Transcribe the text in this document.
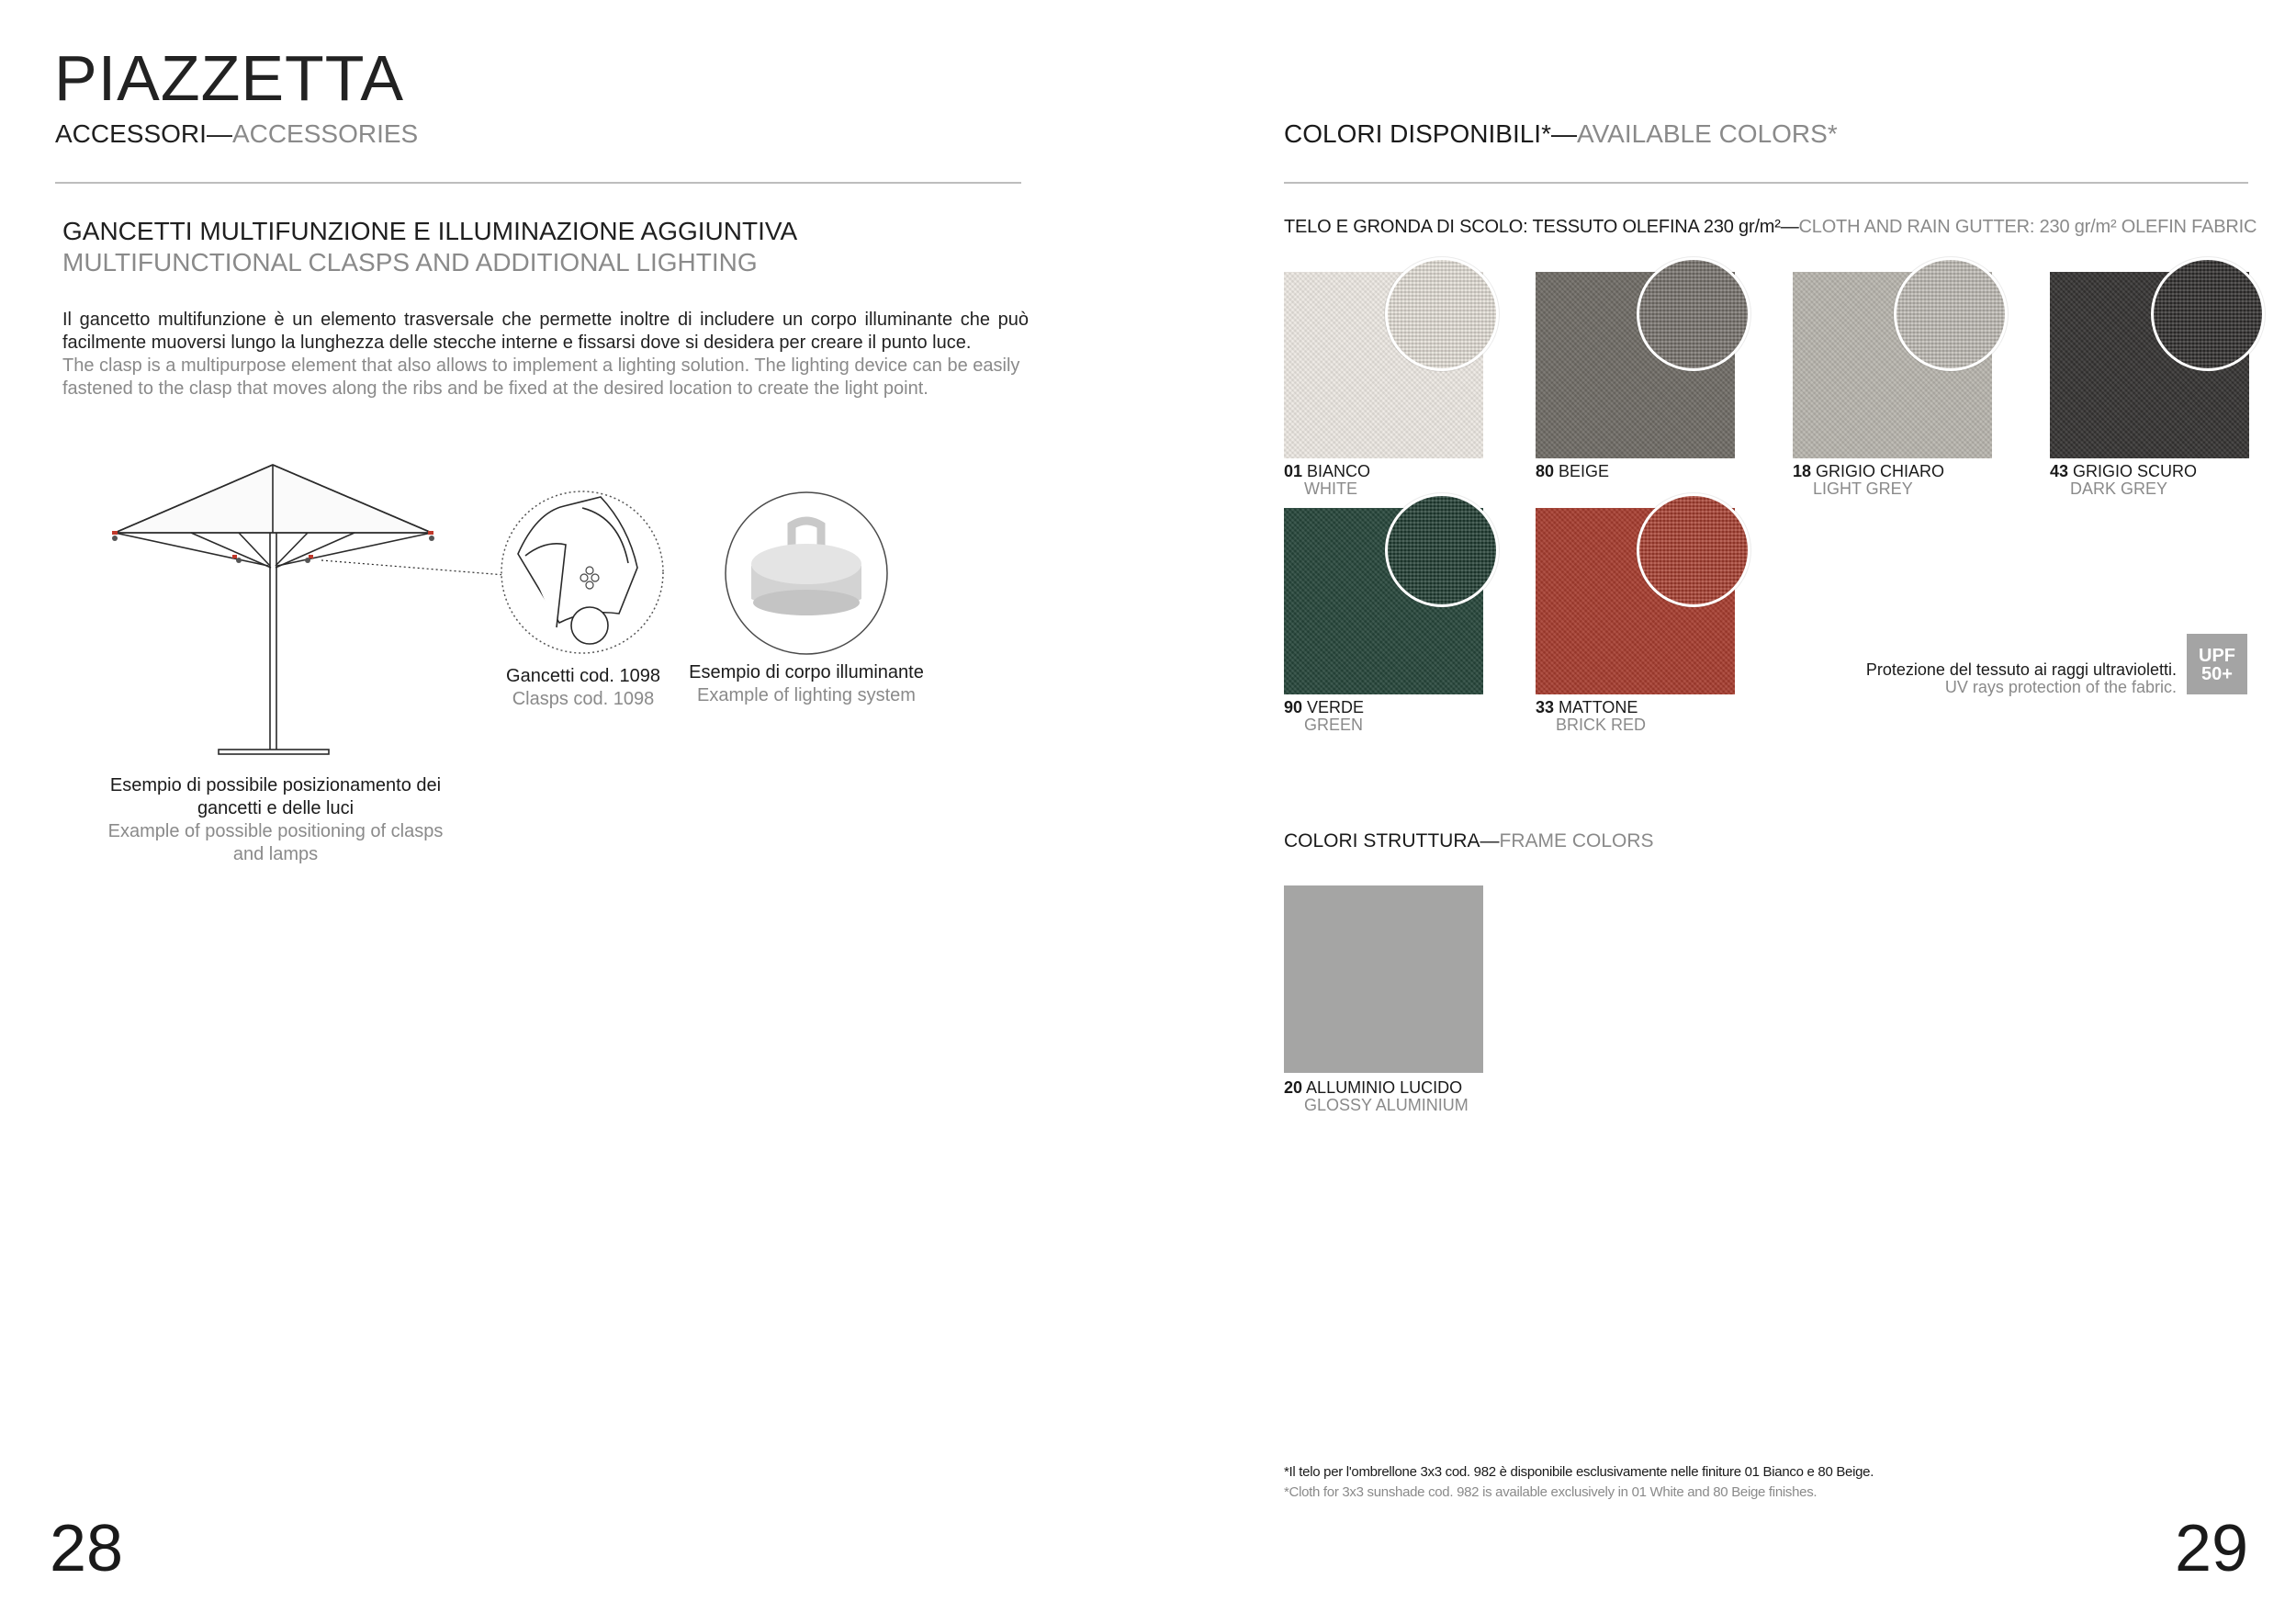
PIAZZETTA
ACCESSORI—ACCESSORIES
GANCETTI MULTIFUNZIONE E ILLUMINAZIONE AGGIUNTIVA
MULTIFUNCTIONAL CLASPS AND ADDITIONAL LIGHTING
Il gancetto multifunzione è un elemento trasversale che permette inoltre di includere un corpo illuminante che può facilmente muoversi lungo la lunghezza delle stecche interne e fissarsi dove si desidera per creare il punto luce.
The clasp is a multipurpose element that also allows to implement a lighting solution. The lighting device can be easily fastened to the clasp that moves along the ribs and be fixed at the desired location to create the light point.
Esempio di possibile posizionamento dei gancetti e delle luci
Example of possible positioning of clasps and lamps
Gancetti cod. 1098
Clasps cod. 1098
Esempio di corpo illuminante
Example of lighting system
28
COLORI DISPONIBILI*—AVAILABLE COLORS*
TELO E GRONDA DI SCOLO: TESSUTO OLEFINA 230 gr/m²—CLOTH AND RAIN GUTTER: 230 gr/m² OLEFIN FABRIC
01 BIANCO
WHITE
80 BEIGE	18 GRIGIO CHIARO
LIGHT GREY
43 GRIGIO SCURO
DARK GREY
90 VERDE
GREEN
33 MATTONE
BRICK RED
Protezione del tessuto ai raggi ultravioletti.
UV rays protection of the fabric.
UPF
50+
COLORI STRUTTURA—FRAME COLORS
20 ALLUMINIO LUCIDO
GLOSSY ALUMINIUM
*Il telo per l'ombrellone 3x3 cod. 982 è disponibile esclusivamente nelle finiture 01 Bianco e 80 Beige.
*Cloth for 3x3 sunshade cod. 982 is available exclusively in 01 White and 80 Beige finishes.
29
